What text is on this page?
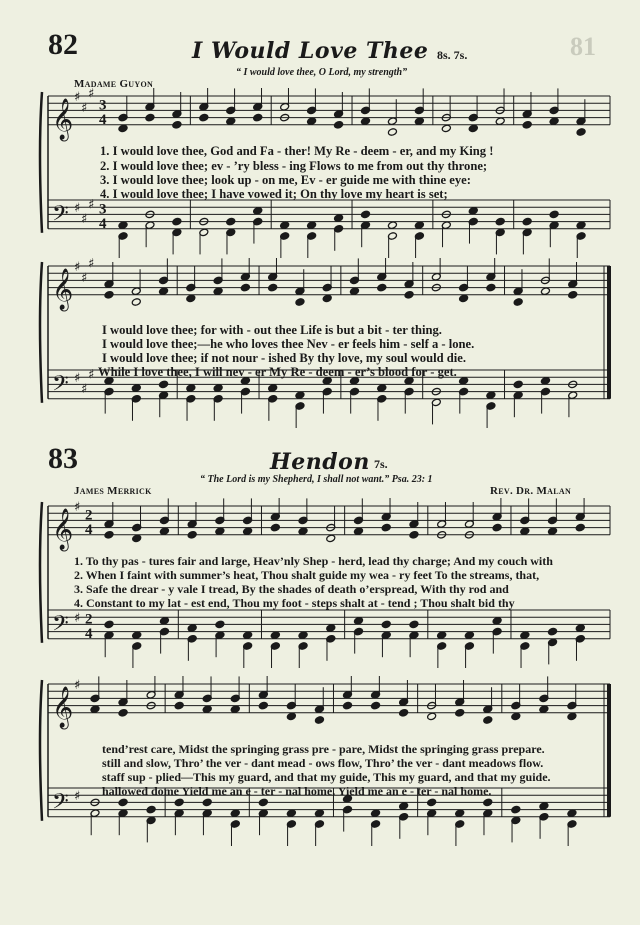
81
82	I Would Love Thee 8s. 7s.
“ I would love thee, O Lord, my strength”
Madame Guyon
𝄞
𝄢
♯
♯
♯
♯
♯
♯
3
4
3
4
1. I would love thee, God and Fa - ther! My Re - deem - er, and my King !
2. I would love thee; ev - ’ry bless - ing Flows to me from out thy throne;
3. I would love thee; look up - on me, Ev - er guide me with thine eye:
4. I would love thee; I have vowed it; On thy love my heart is set;
𝄞
𝄢
♯
♯
♯
♯
♯
♯
I would love thee; for with - out thee Life is but a bit - ter thing.
I would love thee;—he who loves thee Nev - er feels him - self a - lone.
I would love thee; if not nour - ished By thy love, my soul would die.
While I love thee, I will nev - er My Re - deem - er’s blood for - get.
83	Hendon 7s.
“ The Lord is my Shepherd, I shall not want.” Psa. 23: 1
James Merrick	Rev. Dr. Malan
𝄞
𝄢
♯
♯
2
4
2
4
1. To thy pas - tures fair and large, Heav’nly Shep - herd, lead thy charge; And my couch with
2. When I faint with summer’s heat, Thou shalt guide my wea - ry feet To the streams, that,
3. Safe the drear - y vale I tread, By the shades of death o’erspread, With thy rod and
4. Constant to my lat - est end, Thou my foot - steps shalt at - tend ; Thou shalt bid thy
𝄞
𝄢
♯
♯
tend’rest care, Midst the springing grass pre - pare, Midst the springing grass prepare.
still and slow, Thro’ the ver - dant mead - ows flow, Thro’ the ver - dant meadows flow.
staff sup - plied—This my guard, and that my guide, This my guard, and that my guide.
hallowed dome Yield me an e - ter - nal home. Yield me an e - ter - nal home.
